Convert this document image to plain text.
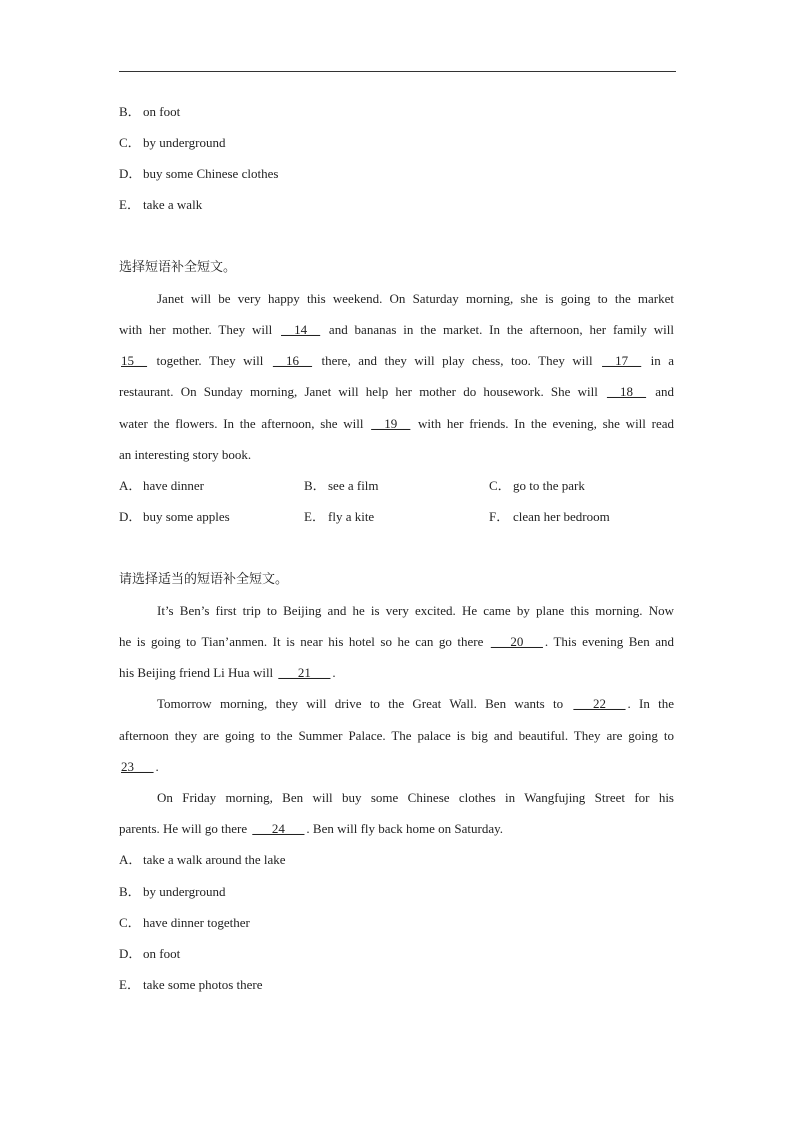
B． on foot
C． by underground
D． buy some Chinese clothes
E． take a walk
选择短语补全短文。
Janet will be very happy this weekend. On Saturday morning, she is going to the market
with her mother. They will __14__ and bananas in the market. In the afternoon, her family will
15__ together. They will __16__ there, and they will play chess, too. They will __17__ in a
restaurant. On Sunday morning, Janet will help her mother do housework. She will __18__ and
water the flowers. In the afternoon, she will __19__ with her friends. In the evening, she will read
an interesting story book.
A． have dinner	B． see a film	C． go to the park
D． buy some apples	E． fly a kite	F． clean her bedroom
请选择适当的短语补全短文。
It’s Ben’s first trip to Beijing and he is very excited. He came by plane this morning. Now
he is going to Tian’anmen. It is near his hotel so he can go there ___20___ . This evening Ben and
his Beijing friend Li Hua will ___21___ .
Tomorrow morning, they will drive to the Great Wall. Ben wants to ___22___ . In the
afternoon they are going to the Summer Palace. The palace is big and beautiful. They are going to
23___ .
On Friday morning, Ben will buy some Chinese clothes in Wangfujing Street for his
parents. He will go there ___24___ . Ben will fly back home on Saturday.
A． take a walk around the lake
B． by underground
C． have dinner together
D． on foot
E． take some photos there
